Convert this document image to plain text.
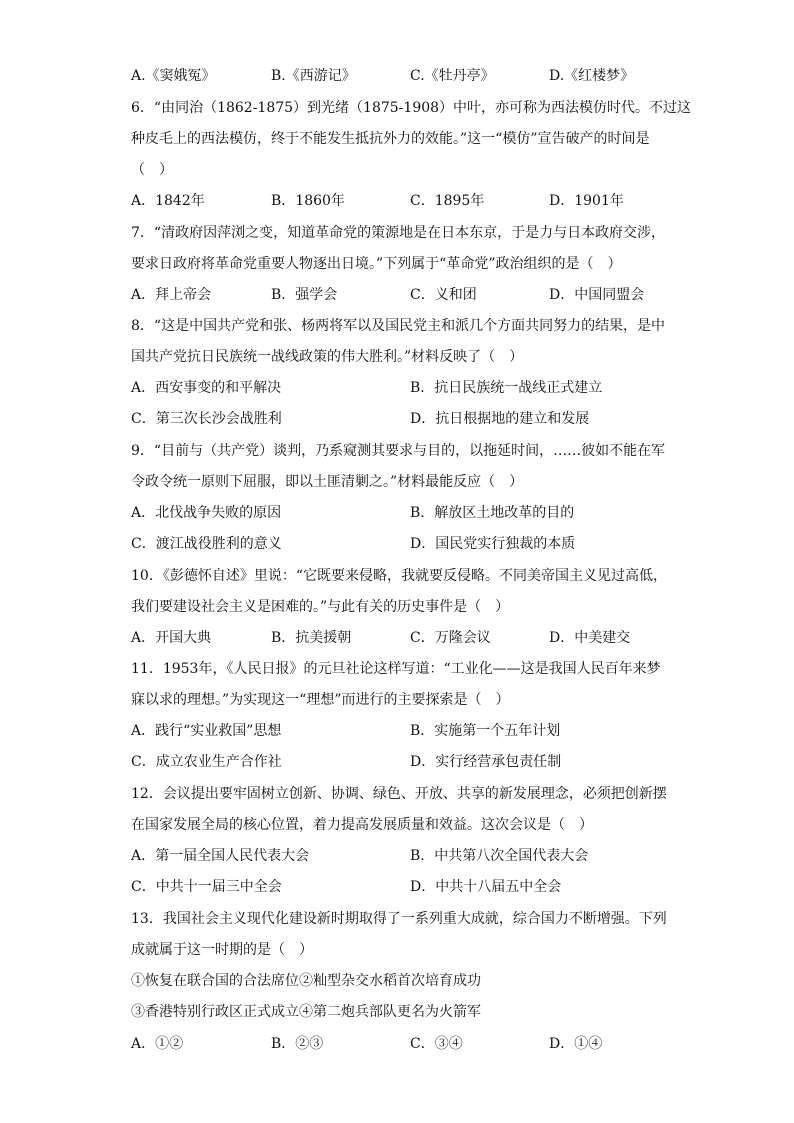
A.《窦娥冤》	B.《西游记》	C.《牡丹亭》	D.《红楼梦》
6．“由同治（1862-1875）到光绪（1875-1908）中叶，亦可称为西法模仿时代。不过这
种皮毛上的西法模仿，终于不能发生抵抗外力的效能。”这一“模仿”宣告破产的时间是
（　）
A．1842年	B．1860年	C．1895年	D．1901年
7．“清政府因萍浏之变，知道革命党的策源地是在日本东京，于是力与日本政府交涉，
要求日政府将革命党重要人物逐出日境。”下列属于“革命党”政治组织的是（　）
A．拜上帝会	B．强学会	C．义和团	D．中国同盟会
8．“这是中国共产党和张、杨两将军以及国民党主和派几个方面共同努力的结果，是中
国共产党抗日民族统一战线政策的伟大胜利。”材料反映了（　）
A．西安事变的和平解决	B．抗日民族统一战线正式建立
C．第三次长沙会战胜利	D．抗日根据地的建立和发展
9．“目前与（共产党）谈判，乃系窥测其要求与目的，以拖延时间，……彼如不能在军
令政令统一原则下屈服，即以土匪清剿之。”材料最能反应（　）
A．北伐战争失败的原因	B．解放区土地改革的目的
C．渡江战役胜利的意义	D．国民党实行独裁的本质
10．《彭德怀自述》里说：“它既要来侵略，我就要反侵略。不同美帝国主义见过高低，
我们要建设社会主义是困难的。”与此有关的历史事件是（　）
A．开国大典	B．抗美援朝	C．万隆会议	D．中美建交
11．1953年，《人民日报》的元旦社论这样写道：“工业化——这是我国人民百年来梦
寐以求的理想。”为实现这一“理想”而进行的主要探索是（　）
A．践行“实业救国”思想	B．实施第一个五年计划
C．成立农业生产合作社	D．实行经营承包责任制
12．会议提出要牢固树立创新、协调、绿色、开放、共享的新发展理念，必须把创新摆
在国家发展全局的核心位置，着力提高发展质量和效益。这次会议是（　）
A．第一届全国人民代表大会	B．中共第八次全国代表大会
C．中共十一届三中全会	D．中共十八届五中全会
13．我国社会主义现代化建设新时期取得了一系列重大成就，综合国力不断增强。下列
成就属于这一时期的是（　）
①恢复在联合国的合法席位②籼型杂交水稻首次培育成功
③香港特别行政区正式成立④第二炮兵部队更名为火箭军
A．①②	B．②③	C．③④	D．①④
